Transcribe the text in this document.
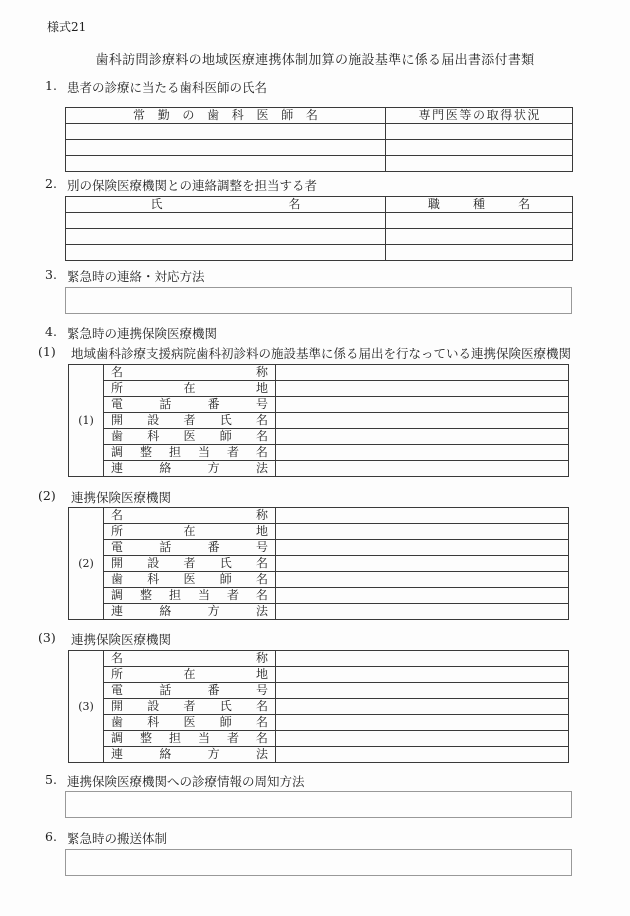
様式21
歯科訪問診療料の地域医療連携体制加算の施設基準に係る届出書添付書類
1. 患者の診療に当たる歯科医師の氏名
常 勤 の 歯 科 医 師 名	専 門 医 等 の 取 得 状 況

2. 別の保険医療機関との連絡調整を担当する者
氏 名	職 種 名

3. 緊急時の連絡・対応方法
4. 緊急時の連携保険医療機関
(1)	地域歯科診療支援病院歯科初診料の施設基準に係る届出を行なっている連携保険医療機関
(1)	名 称	

	所 在 地	

	電 話 番 号	

	開 設 者 氏 名	

	歯 科 医 師 名	

調 整 担 当 者 名

	連 絡 方 法	

(2)	連携保険医療機関
(2)	名 称	

	所 在 地	

	電 話 番 号	

	開 設 者 氏 名	

	歯 科 医 師 名	

調 整 担 当 者 名

	連 絡 方 法	

(3)	連携保険医療機関
(3)	名 称	

	所 在 地	

	電 話 番 号	

	開 設 者 氏 名	

	歯 科 医 師 名	

調 整 担 当 者 名

	連 絡 方 法	

5. 連携保険医療機関への診療情報の周知方法
6. 緊急時の搬送体制
